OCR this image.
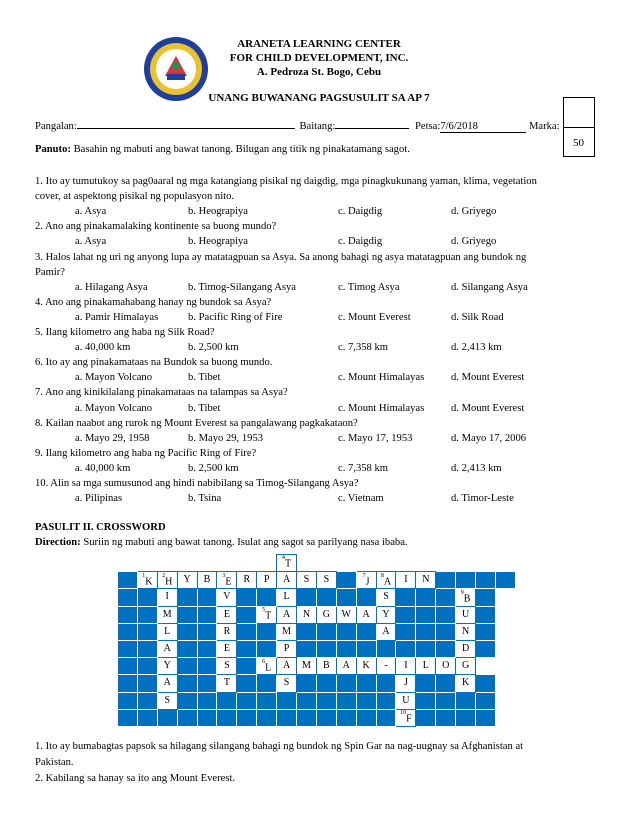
ARANETA LEARNING CENTER
FOR CHILD DEVELOPMENT, INC.
A. Pedroza St. Bogo, Cebu
UNANG BUWANANG PAGSUSULIT SA AP 7
Pangalan:	Baitang:	Petsa:7/6/2018	Marka:
50
Panuto: Basahin ng mabuti ang bawat tanong. Bilugan ang titik ng pinakatamang sagot.
1. Ito ay tumutukoy sa pag0aaral ng mga katangiang pisikal ng daigdig, mga pinagkukunang yaman, klima, vegetation
cover, at aspektong pisikal ng populasyon nito.
a. Asya	b. Heograpiya	c. Daigdig	d. Griyego
2. Ano ang pinakamalaking kontinente sa buong mundo?
a. Asya	b. Heograpiya	c. Daigdig	d. Griyego
3. Halos lahat ng uri ng anyong lupa ay matatagpuan sa Asya. Sa anong bahagi ng asya matatagpuan ang bundok ng
Pamir?
a. Hilagang Asya	b. Timog-Silangang Asya	c. Timog Asya	d. Silangang Asya
4. Ano ang pinakamahabang hanay ng bundok sa Asya?
a. Pamir Himalayas	b. Pacific Ring of Fire	c. Mount Everest	d. Silk Road
5. Ilang kilometro ang haba ng Silk Road?
a. 40,000 km	b. 2,500 km	c. 7,358 km	d. 2,413 km
6. Ito ay ang pinakamataas na Bundok sa buong mundo.
a. Mayon Volcano	b. Tibet	c. Mount Himalayas	d. Mount Everest
7. Ano ang kinikilalang pinakamataas na talampas sa Asya?
a. Mayon Volcano	b. Tibet	c. Mount Himalayas	d. Mount Everest
8. Kailan naabot ang rurok ng Mount Everest sa pangalawang pagkakataon?
a. Mayo 29, 1958	b. Mayo 29, 1953	c. Mayo 17, 1953	d. Mayo 17, 2006
9. Ilang kilometro ang haba ng Pacific Ring of Fire?
a. 40,000 km	b. 2,500 km	c. 7,358 km	d. 2,413 km
10. Alin sa mga sumusunod ang hindi nabibilang sa Timog-Silangang Asya?
a. Pilipinas	b. Tsina	c. Vietnam	d. Timor-Leste
PASULIT II. CROSSWORD
Direction: Suriin ng mabuti ang bawat tanong. Isulat ang sagot sa parilyang nasa ibaba.
								$^4$T											
	$^1$K	$^2$H	Y	B	$^3$E	R	P	A	S	S		$^7$J	$^8$A	I	N				
		I			V			L					S				$^9$B		
		M			E		$^5$T	A	N	G	W	A	Y				U		
		L			R			M					A				N		
		A			E			P									D		
		Y			S		$^6$L	A	M	B	A	K	-	I	L	O	G		
		A			T			S						J			K		
		S												U					
														$^{10}$F					
1. Ito ay bumabagtas papsok sa hilagang silangang bahagi ng bundok ng Spin Gar na nag-uugnay sa Afghanistan at
Pakistan.
2. Kabilang sa hanay sa ito ang Mount Everest.
